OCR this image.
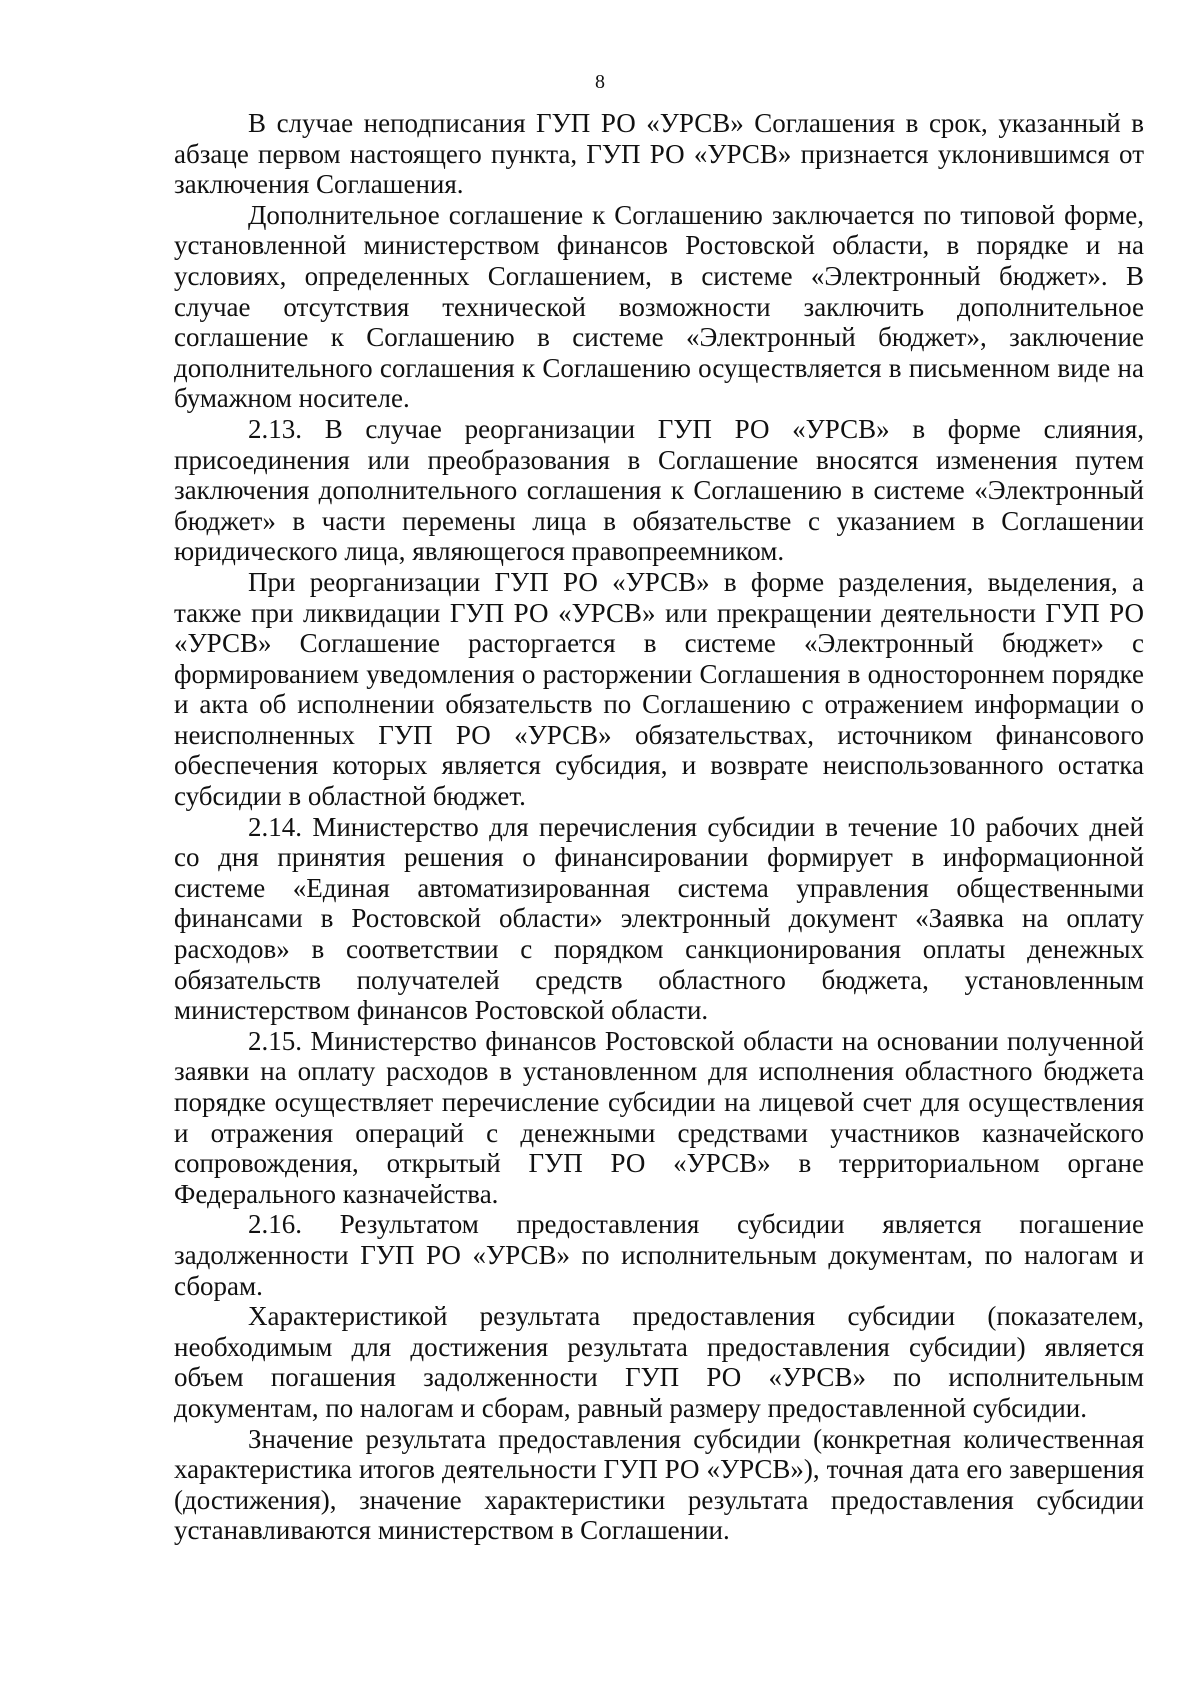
8

В случае неподписания ГУП РО «УРСВ» Соглашения в срок, указанный в абзаце первом настоящего пункта, ГУП РО «УРСВ» признается уклонившимся от заключения Соглашения.

Дополнительное соглашение к Соглашению заключается по типовой форме, установленной министерством финансов Ростовской области, в порядке и на условиях, определенных Соглашением, в системе «Электронный бюджет». В случае отсутствия технической возможности заключить дополнительное соглашение к Соглашению в системе «Электронный бюджет», заключение дополнительного соглашения к Соглашению осуществляется в письменном виде на бумажном носителе.

2.13. В случае реорганизации ГУП РО «УРСВ» в форме слияния, присоединения или преобразования в Соглашение вносятся изменения путем заключения дополнительного соглашения к Соглашению в системе «Электронный бюджет» в части перемены лица в обязательстве с указанием в Соглашении юридического лица, являющегося правопреемником.

При реорганизации ГУП РО «УРСВ» в форме разделения, выделения, а также при ликвидации ГУП РО «УРСВ» или прекращении деятельности ГУП РО «УРСВ» Соглашение расторгается в системе «Электронный бюджет» с формированием уведомления о расторжении Соглашения в одностороннем порядке и акта об исполнении обязательств по Соглашению с отражением информации о неисполненных ГУП РО «УРСВ» обязательствах, источником финансового обеспечения которых является субсидия, и возврате неиспользованного остатка субсидии в областной бюджет.

2.14. Министерство для перечисления субсидии в течение 10 рабочих дней со дня принятия решения о финансировании формирует в информационной системе «Единая автоматизированная система управления общественными финансами в Ростовской области» электронный документ «Заявка на оплату расходов» в соответствии с порядком санкционирования оплаты денежных обязательств получателей средств областного бюджета, установленным министерством финансов Ростовской области.

2.15. Министерство финансов Ростовской области на основании полученной заявки на оплату расходов в установленном для исполнения областного бюджета порядке осуществляет перечисление субсидии на лицевой счет для осуществления и отражения операций с денежными средствами участников казначейского сопровождения, открытый ГУП РО «УРСВ» в территориальном органе Федерального казначейства.

2.16. Результатом предоставления субсидии является погашение задолженности ГУП РО «УРСВ» по исполнительным документам, по налогам и сборам.

Характеристикой результата предоставления субсидии (показателем, необходимым для достижения результата предоставления субсидии) является объем погашения задолженности ГУП РО «УРСВ» по исполнительным документам, по налогам и сборам, равный размеру предоставленной субсидии.

Значение результата предоставления субсидии (конкретная количественная характеристика итогов деятельности ГУП РО «УРСВ»), точная дата его завершения (достижения), значение характеристики результата предоставления субсидии устанавливаются министерством в Соглашении.
